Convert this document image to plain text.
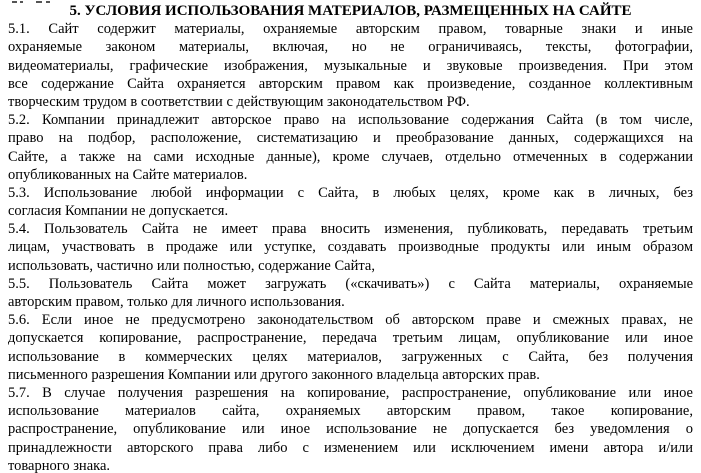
5. УСЛОВИЯ ИСПОЛЬЗОВАНИЯ МАТЕРИАЛОВ, РАЗМЕЩЕННЫХ НА САЙТЕ
5.1. Сайт содержит материалы, охраняемые авторским правом, товарные знаки и иные
охраняемые законом материалы, включая, но не ограничиваясь, тексты, фотографии,
видеоматериалы, графические изображения, музыкальные и звуковые произведения. При этом
все содержание Сайта охраняется авторским правом как произведение, созданное коллективным
творческим трудом в соответствии с действующим законодательством РФ.
5.2. Компании принадлежит авторское право на использование содержания Сайта (в том числе,
право на подбор, расположение, систематизацию и преобразование данных, содержащихся на
Сайте, а также на сами исходные данные), кроме случаев, отдельно отмеченных в содержании
опубликованных на Сайте материалов.
5.3. Использование любой информации с Сайта, в любых целях, кроме как в личных, без
согласия Компании не допускается.
5.4. Пользователь Сайта не имеет права вносить изменения, публиковать, передавать третьим
лицам, участвовать в продаже или уступке, создавать производные продукты или иным образом
использовать, частично или полностью, содержание Сайта,
5.5. Пользователь Сайта может загружать («скачивать») с Сайта материалы, охраняемые
авторским правом, только для личного использования.
5.6. Если иное не предусмотрено законодательством об авторском праве и смежных правах, не
допускается копирование, распространение, передача третьим лицам, опубликование или иное
использование в коммерческих целях материалов, загруженных с Сайта, без получения
письменного разрешения Компании или другого законного владельца авторских прав.
5.7. В случае получения разрешения на копирование, распространение, опубликование или иное
использование материалов сайта, охраняемых авторским правом, такое копирование,
распространение, опубликование или иное использование не допускается без уведомления о
принадлежности авторского права либо с изменением или исключением имени автора и/или
товарного знака.
